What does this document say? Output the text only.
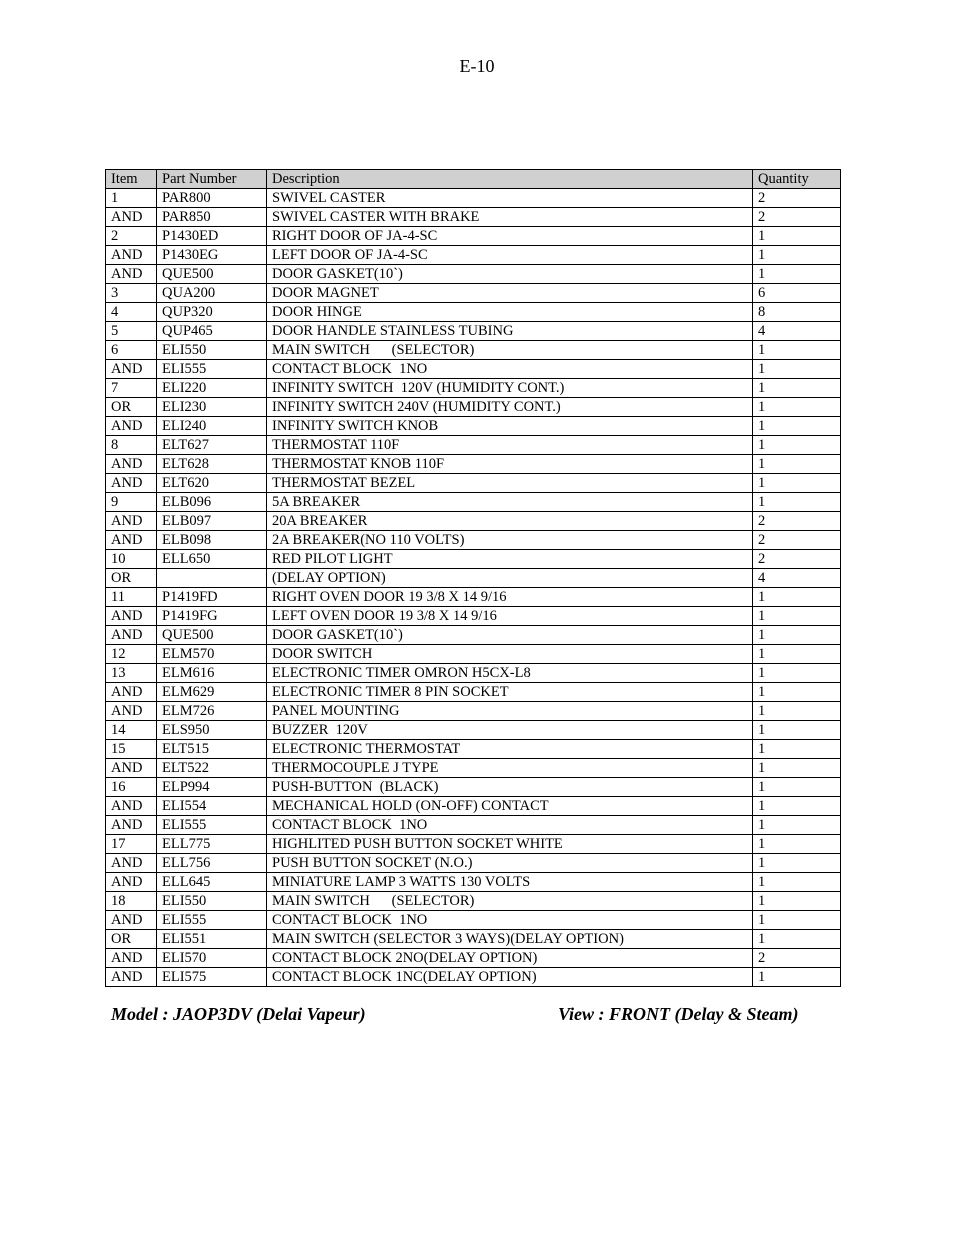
E-10
Item	Part Number	Description	Quantity
1	PAR800	SWIVEL CASTER	2
AND	PAR850	SWIVEL CASTER WITH BRAKE	2
2	P1430ED	RIGHT DOOR OF JA-4-SC	1
AND	P1430EG	LEFT DOOR OF JA-4-SC	1
AND	QUE500	DOOR GASKET(10`)	1
3	QUA200	DOOR MAGNET	6
4	QUP320	DOOR HINGE	8
5	QUP465	DOOR HANDLE STAINLESS TUBING	4
6	ELI550	MAIN SWITCH      (SELECTOR)	1
AND	ELI555	CONTACT BLOCK  1NO	1
7	ELI220	INFINITY SWITCH  120V (HUMIDITY CONT.)	1
OR	ELI230	INFINITY SWITCH 240V (HUMIDITY CONT.)	1
AND	ELI240	INFINITY SWITCH KNOB	1
8	ELT627	THERMOSTAT 110F	1
AND	ELT628	THERMOSTAT KNOB 110F	1
AND	ELT620	THERMOSTAT BEZEL	1
9	ELB096	5A BREAKER	1
AND	ELB097	20A BREAKER	2
AND	ELB098	2A BREAKER(NO 110 VOLTS)	2
10	ELL650	RED PILOT LIGHT	2
OR		(DELAY OPTION)	4
11	P1419FD	RIGHT OVEN DOOR 19 3/8 X 14 9/16	1
AND	P1419FG	LEFT OVEN DOOR 19 3/8 X 14 9/16	1
AND	QUE500	DOOR GASKET(10`)	1
12	ELM570	DOOR SWITCH	1
13	ELM616	ELECTRONIC TIMER OMRON H5CX-L8	1
AND	ELM629	ELECTRONIC TIMER 8 PIN SOCKET	1
AND	ELM726	PANEL MOUNTING	1
14	ELS950	BUZZER  120V	1
15	ELT515	ELECTRONIC THERMOSTAT	1
AND	ELT522	THERMOCOUPLE J TYPE	1
16	ELP994	PUSH-BUTTON  (BLACK)	1
AND	ELI554	MECHANICAL HOLD (ON-OFF) CONTACT	1
AND	ELI555	CONTACT BLOCK  1NO	1
17	ELL775	HIGHLITED PUSH BUTTON SOCKET WHITE	1
AND	ELL756	PUSH BUTTON SOCKET (N.O.)	1
AND	ELL645	MINIATURE LAMP 3 WATTS 130 VOLTS	1
18	ELI550	MAIN SWITCH      (SELECTOR)	1
AND	ELI555	CONTACT BLOCK  1NO	1
OR	ELI551	MAIN SWITCH (SELECTOR 3 WAYS)(DELAY OPTION)	1
AND	ELI570	CONTACT BLOCK 2NO(DELAY OPTION)	2
AND	ELI575	CONTACT BLOCK 1NC(DELAY OPTION)	1
Model : JAOP3DV (Delai Vapeur)	View : FRONT (Delay & Steam)
